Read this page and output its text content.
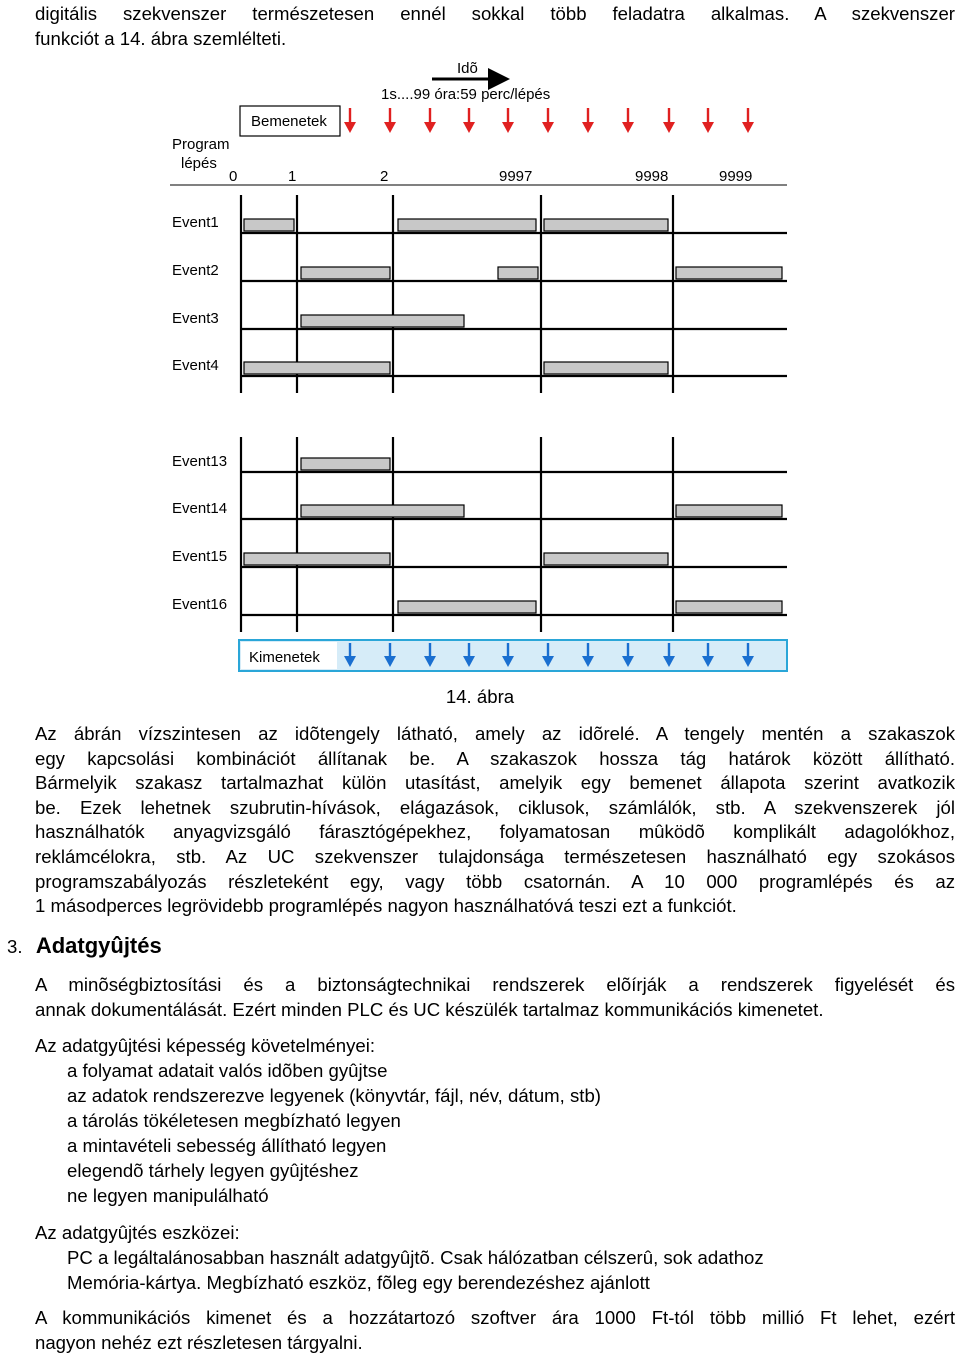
digitális szekvenszer természetesen ennél sokkal több feladatra alkalmas. A szekvenszer
funkciót a 14. ábra szemlélteti.
Idõ
1s....99 óra:59 perc/lépés
Bemenetek
Program
lépés
0	1	2	9997	9998	9999
Event1
Event2
Event3
Event4
Event13
Event14
Event15
Event16
Kimenetek
14. ábra
Az ábrán vízszintesen az idõtengely látható, amely az idõrelé. A tengely mentén a szakaszok
egy kapcsolási kombinációt állítanak be. A szakaszok hossza tág határok között állítható.
Bármelyik szakasz tartalmazhat külön utasítást, amelyik egy bemenet állapota szerint avatkozik
be. Ezek lehetnek szubrutin-hívások, elágazások, ciklusok, számlálók, stb. A szekvenszerek jól
használhatók anyagvizsgáló fárasztógépekhez, folyamatosan mûködõ komplikált adagolókhoz,
reklámcélokra, stb. Az UC szekvenszer tulajdonsága természetesen használható egy szokásos
programszabályozás részleteként egy, vagy több csatornán. A 10 000 programlépés és az
1 másodperces legrövidebb programlépés nagyon használhatóvá teszi ezt a funkciót.
3. Adatgyûjtés
A minõségbiztosítási és a biztonságtechnikai rendszerek elõírják a rendszerek figyelését és
annak dokumentálását. Ezért minden PLC és UC készülék tartalmaz kommunikációs kimenetet.
Az adatgyûjtési képesség követelményei:
a folyamat adatait valós idõben gyûjtse
az adatok rendszerezve legyenek (könyvtár, fájl, név, dátum, stb)
a tárolás tökéletesen megbízható legyen
a mintavételi sebesség állítható legyen
elegendõ tárhely legyen gyûjtéshez
ne legyen manipulálható
Az adatgyûjtés eszközei:
PC a legáltalánosabban használt adatgyûjtõ. Csak hálózatban célszerû, sok adathoz
Memória-kártya. Megbízható eszköz, fõleg egy berendezéshez ajánlott
A kommunikációs kimenet és a hozzátartozó szoftver ára 1000 Ft-tól több millió Ft lehet, ezért
nagyon nehéz ezt részletesen tárgyalni.
